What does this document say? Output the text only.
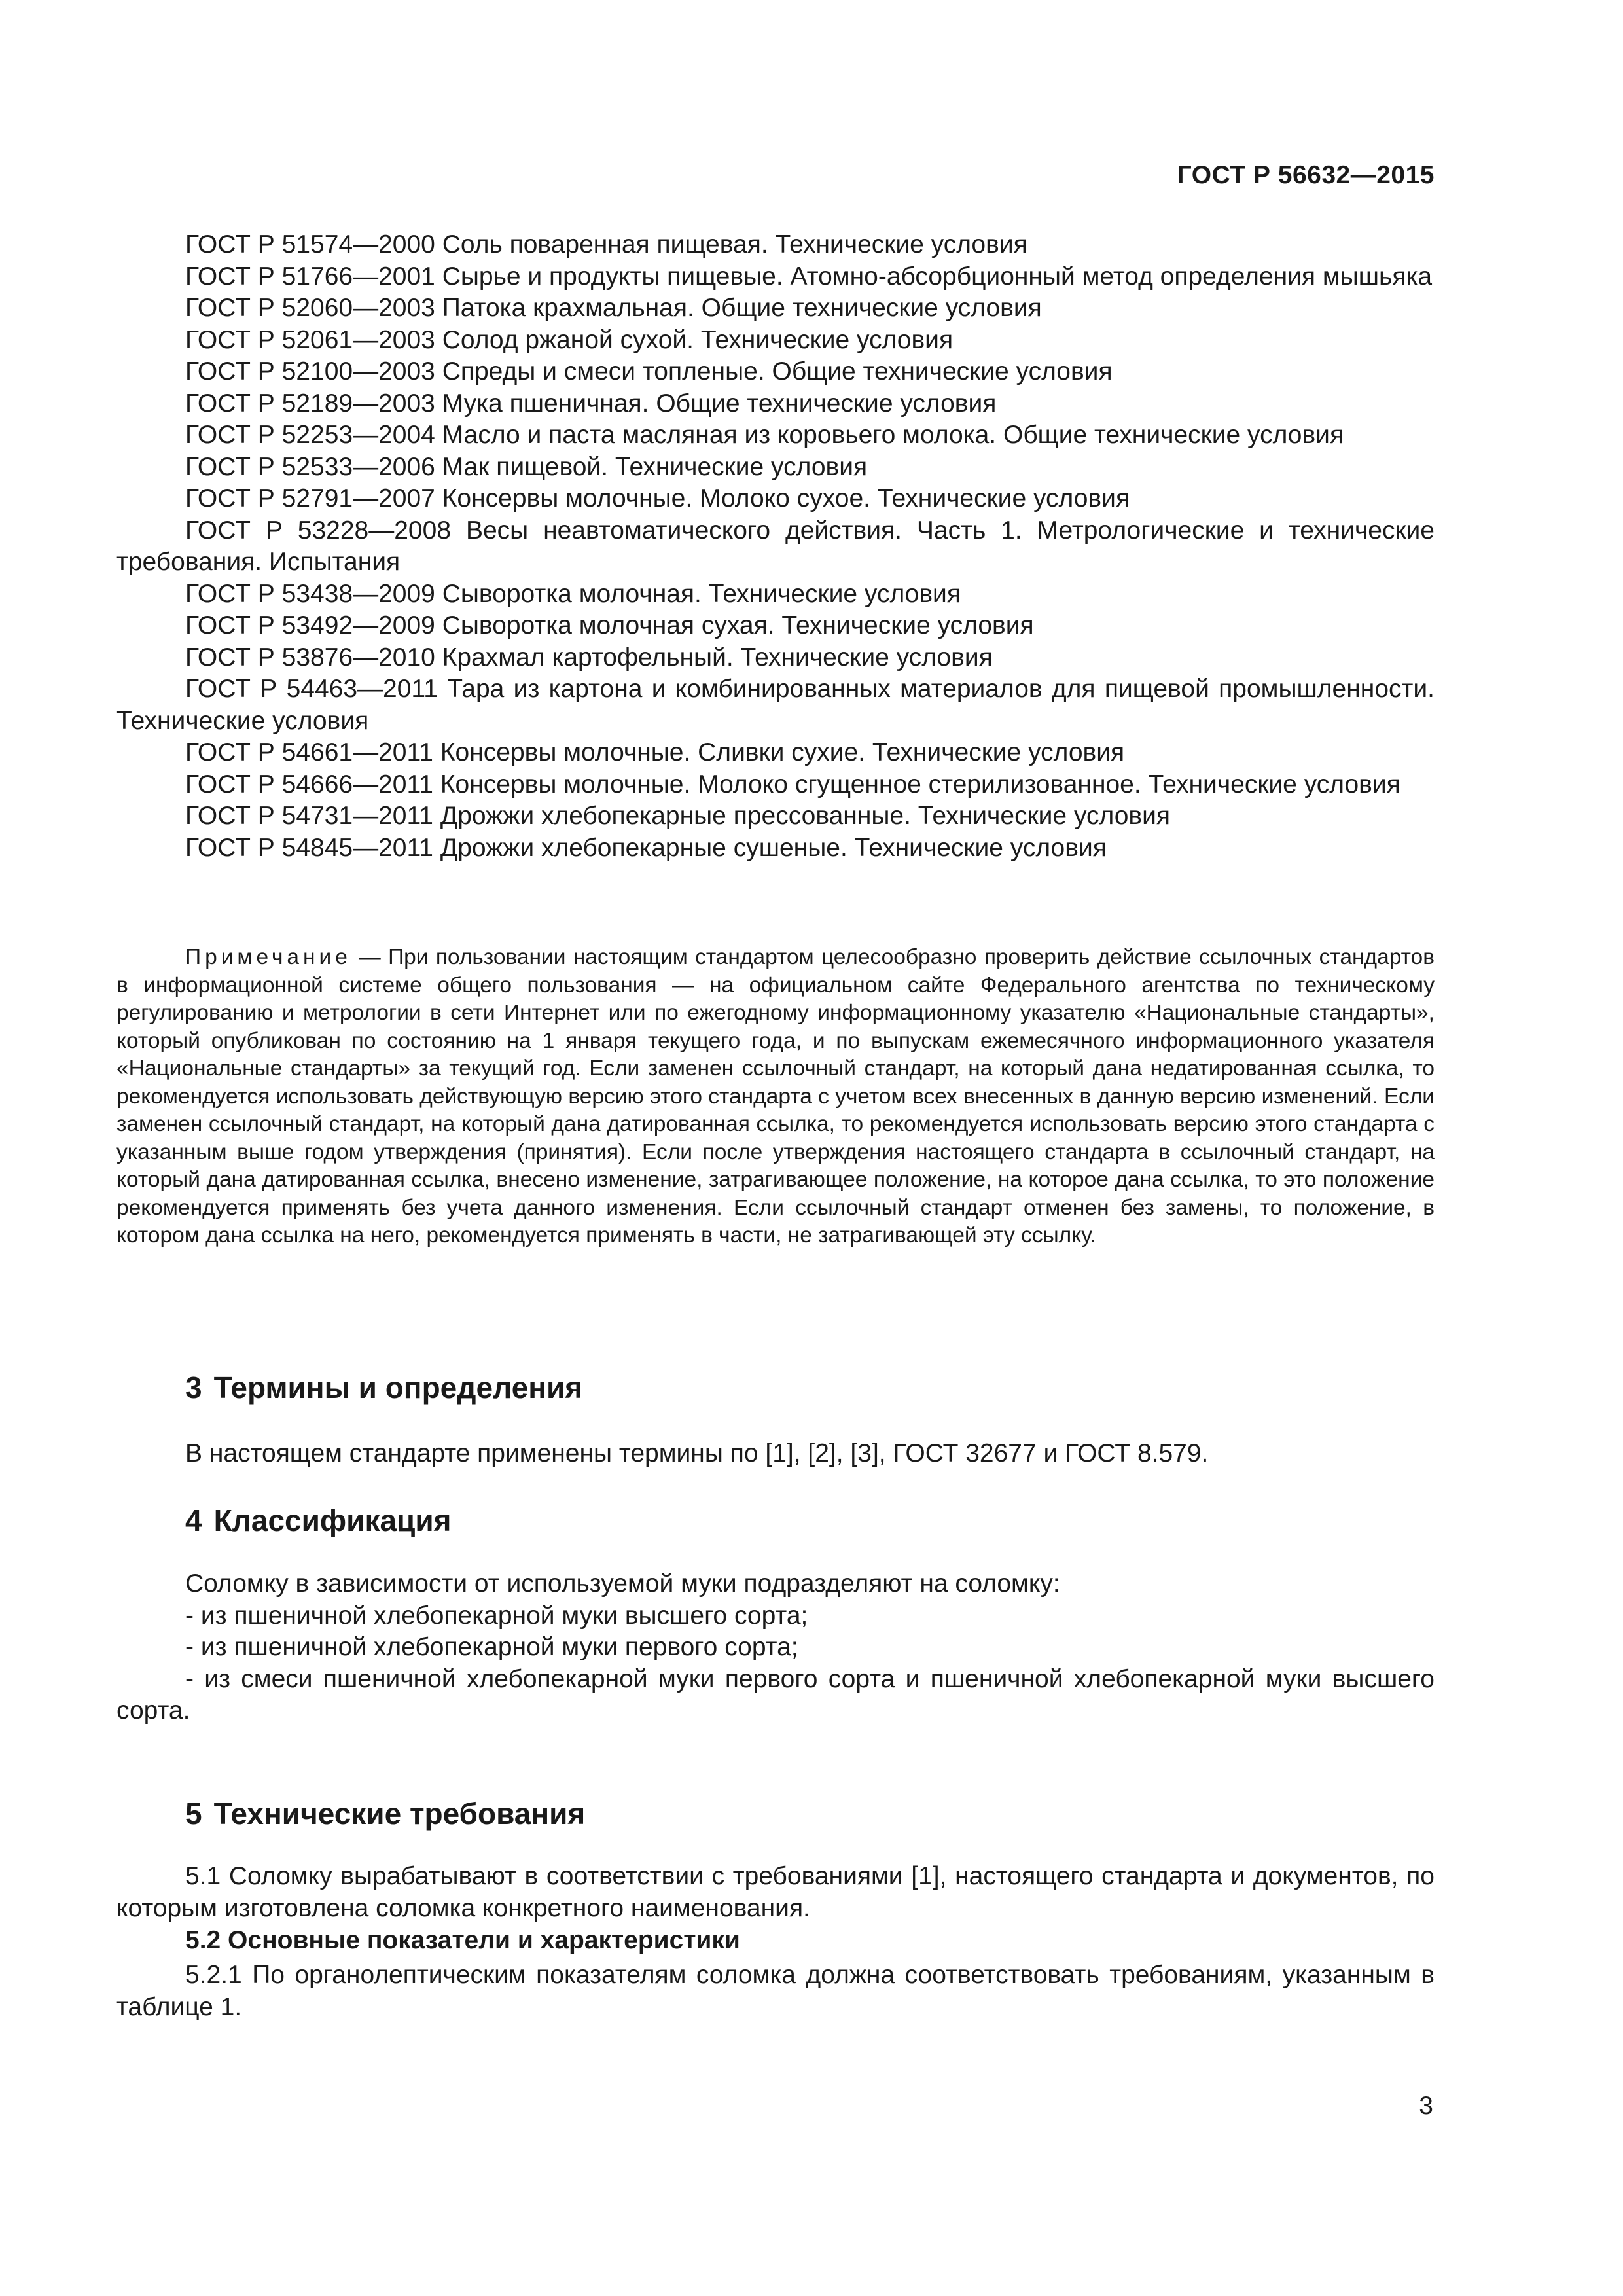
ГОСТ Р 56632—2015

ГОСТ Р 51574—2000 Соль поваренная пищевая. Технические условия

ГОСТ Р 51766—2001 Сырье и продукты пищевые. Атомно-абсорбционный метод определения мышьяка

ГОСТ Р 52060—2003 Патока крахмальная. Общие технические условия

ГОСТ Р 52061—2003 Солод ржаной сухой. Технические условия

ГОСТ Р 52100—2003 Спреды и смеси топленые. Общие технические условия

ГОСТ Р 52189—2003 Мука пшеничная. Общие технические условия

ГОСТ Р 52253—2004 Масло и паста масляная из коровьего молока. Общие технические условия

ГОСТ Р 52533—2006 Мак пищевой. Технические условия

ГОСТ Р 52791—2007 Консервы молочные. Молоко сухое. Технические условия

ГОСТ Р 53228—2008 Весы неавтоматического действия. Часть 1. Метрологические и технические требования. Испытания

ГОСТ Р 53438—2009 Сыворотка молочная. Технические условия

ГОСТ Р 53492—2009 Сыворотка молочная сухая. Технические условия

ГОСТ Р 53876—2010 Крахмал картофельный. Технические условия

ГОСТ Р 54463—2011 Тара из картона и комбинированных материалов для пищевой промышленности. Технические условия

ГОСТ Р 54661—2011 Консервы молочные. Сливки сухие. Технические условия

ГОСТ Р 54666—2011 Консервы молочные. Молоко сгущенное стерилизованное. Технические условия

ГОСТ Р 54731—2011 Дрожжи хлебопекарные прессованные. Технические условия

ГОСТ Р 54845—2011 Дрожжи хлебопекарные сушеные. Технические условия

Примечание — При пользовании настоящим стандартом целесообразно проверить действие ссылочных стандартов в информационной системе общего пользования — на официальном сайте Федерального агентства по техническому регулированию и метрологии в сети Интернет или по ежегодному информационному указателю «Национальные стандарты», который опубликован по состоянию на 1 января текущего года, и по выпускам ежемесячного информационного указателя «Национальные стандарты» за текущий год. Если заменен ссылочный стандарт, на который дана недатированная ссылка, то рекомендуется использовать действующую версию этого стандарта с учетом всех внесенных в данную версию изменений. Если заменен ссылочный стандарт, на который дана датированная ссылка, то рекомендуется использовать версию этого стандарта с указанным выше годом утверждения (принятия). Если после утверждения настоящего стандарта в ссылочный стандарт, на который дана датированная ссылка, внесено изменение, затрагивающее положение, на которое дана ссылка, то это положение рекомендуется применять без учета данного изменения. Если ссылочный стандарт отменен без замены, то положение, в котором дана ссылка на него, рекомендуется применять в части, не затрагивающей эту ссылку.
3 Термины и определения
В настоящем стандарте применены термины по [1], [2], [3], ГОСТ 32677 и ГОСТ 8.579.
4 Классификация

Соломку в зависимости от используемой муки подразделяют на соломку:

- из пшеничной хлебопекарной муки высшего сорта;

- из пшеничной хлебопекарной муки первого сорта;

- из смеси пшеничной хлебопекарной муки первого сорта и пшеничной хлебопекарной муки высшего сорта.

5 Технические требования
5.1 Соломку вырабатывают в соответствии с требованиями [1], настоящего стандарта и документов, по которым изготовлена соломка конкретного наименования.
5.2 Основные показатели и характеристики
5.2.1 По органолептическим показателям соломка должна соответствовать требованиям, указанным в таблице 1.
3
